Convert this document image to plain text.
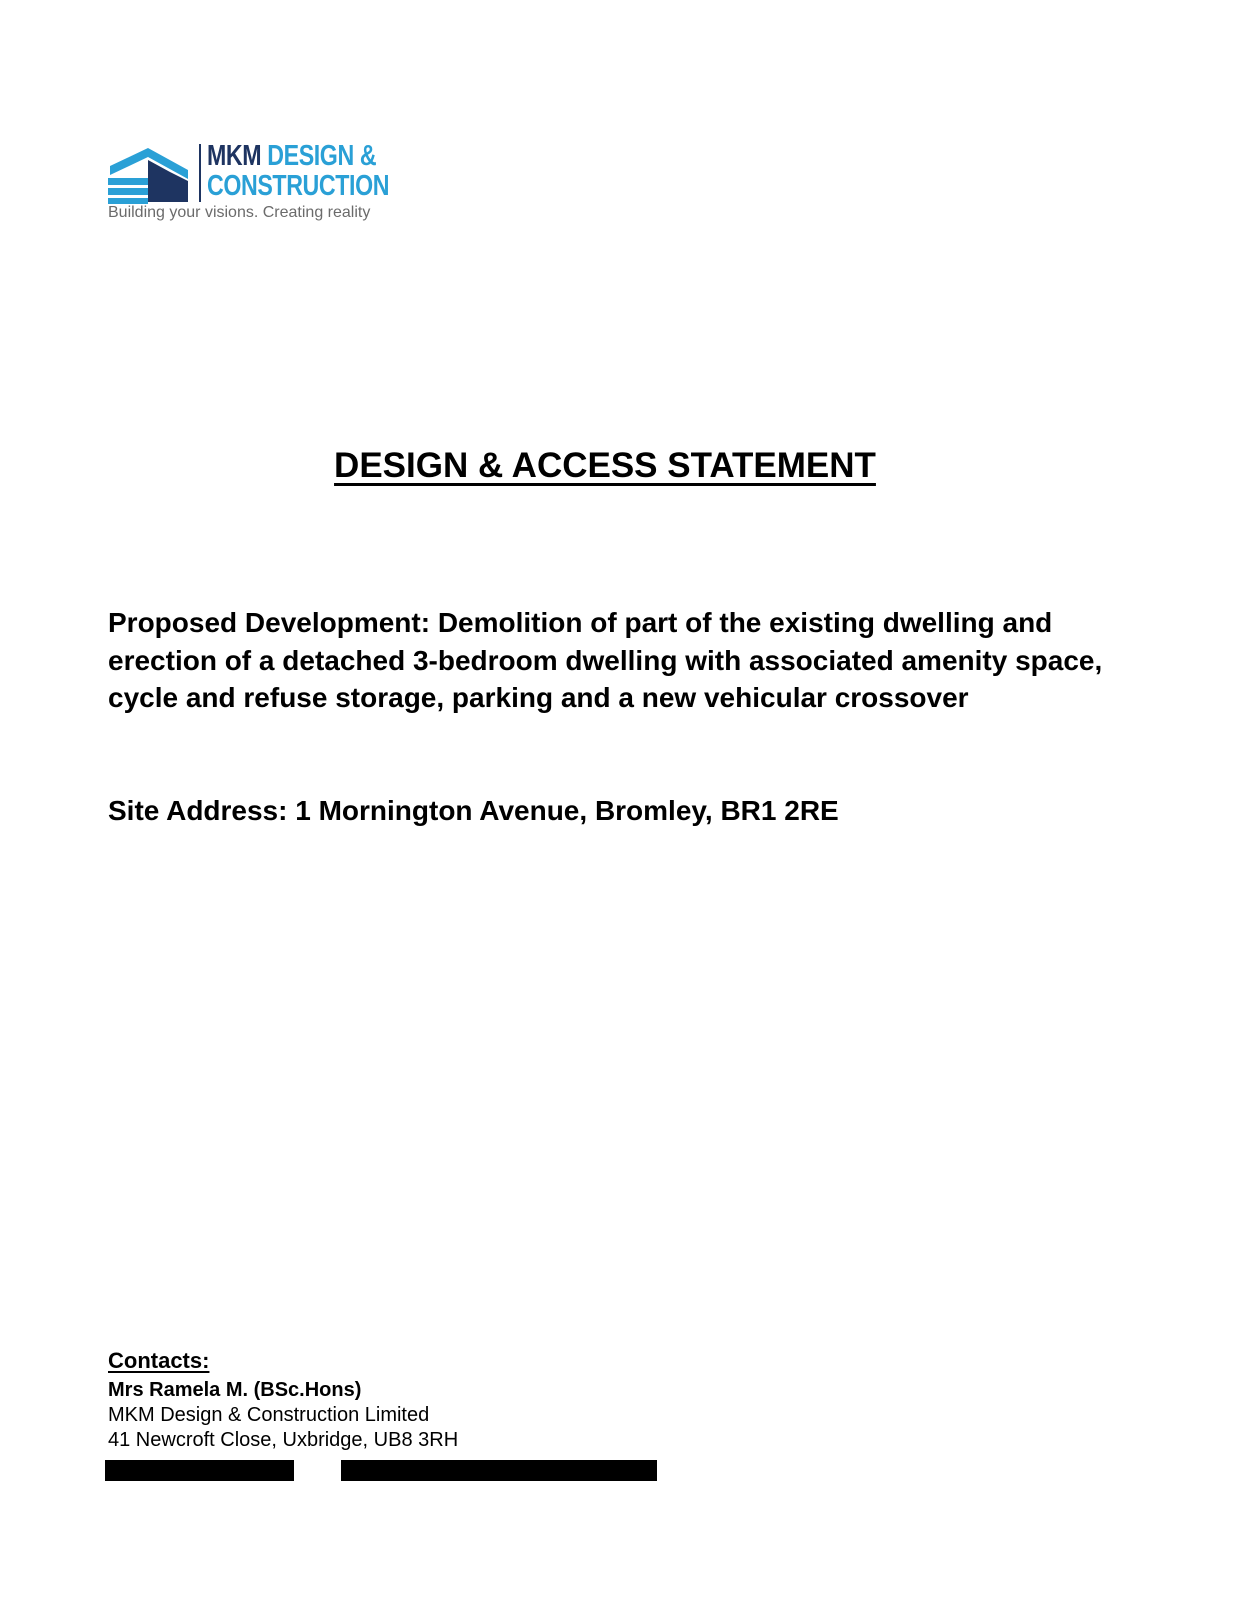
MKM DESIGN &
CONSTRUCTION
Building your visions. Creating reality
DESIGN & ACCESS STATEMENT

Proposed Development: Demolition of part of the existing dwelling and erection of a detached 3-bedroom dwelling with associated amenity space, cycle and refuse storage, parking and a new vehicular crossover

Site Address: 1 Mornington Avenue, Bromley, BR1 2RE

Contacts:
Mrs Ramela M. (BSc.Hons)
MKM Design & Construction Limited
41 Newcroft Close, Uxbridge, UB8 3RH
